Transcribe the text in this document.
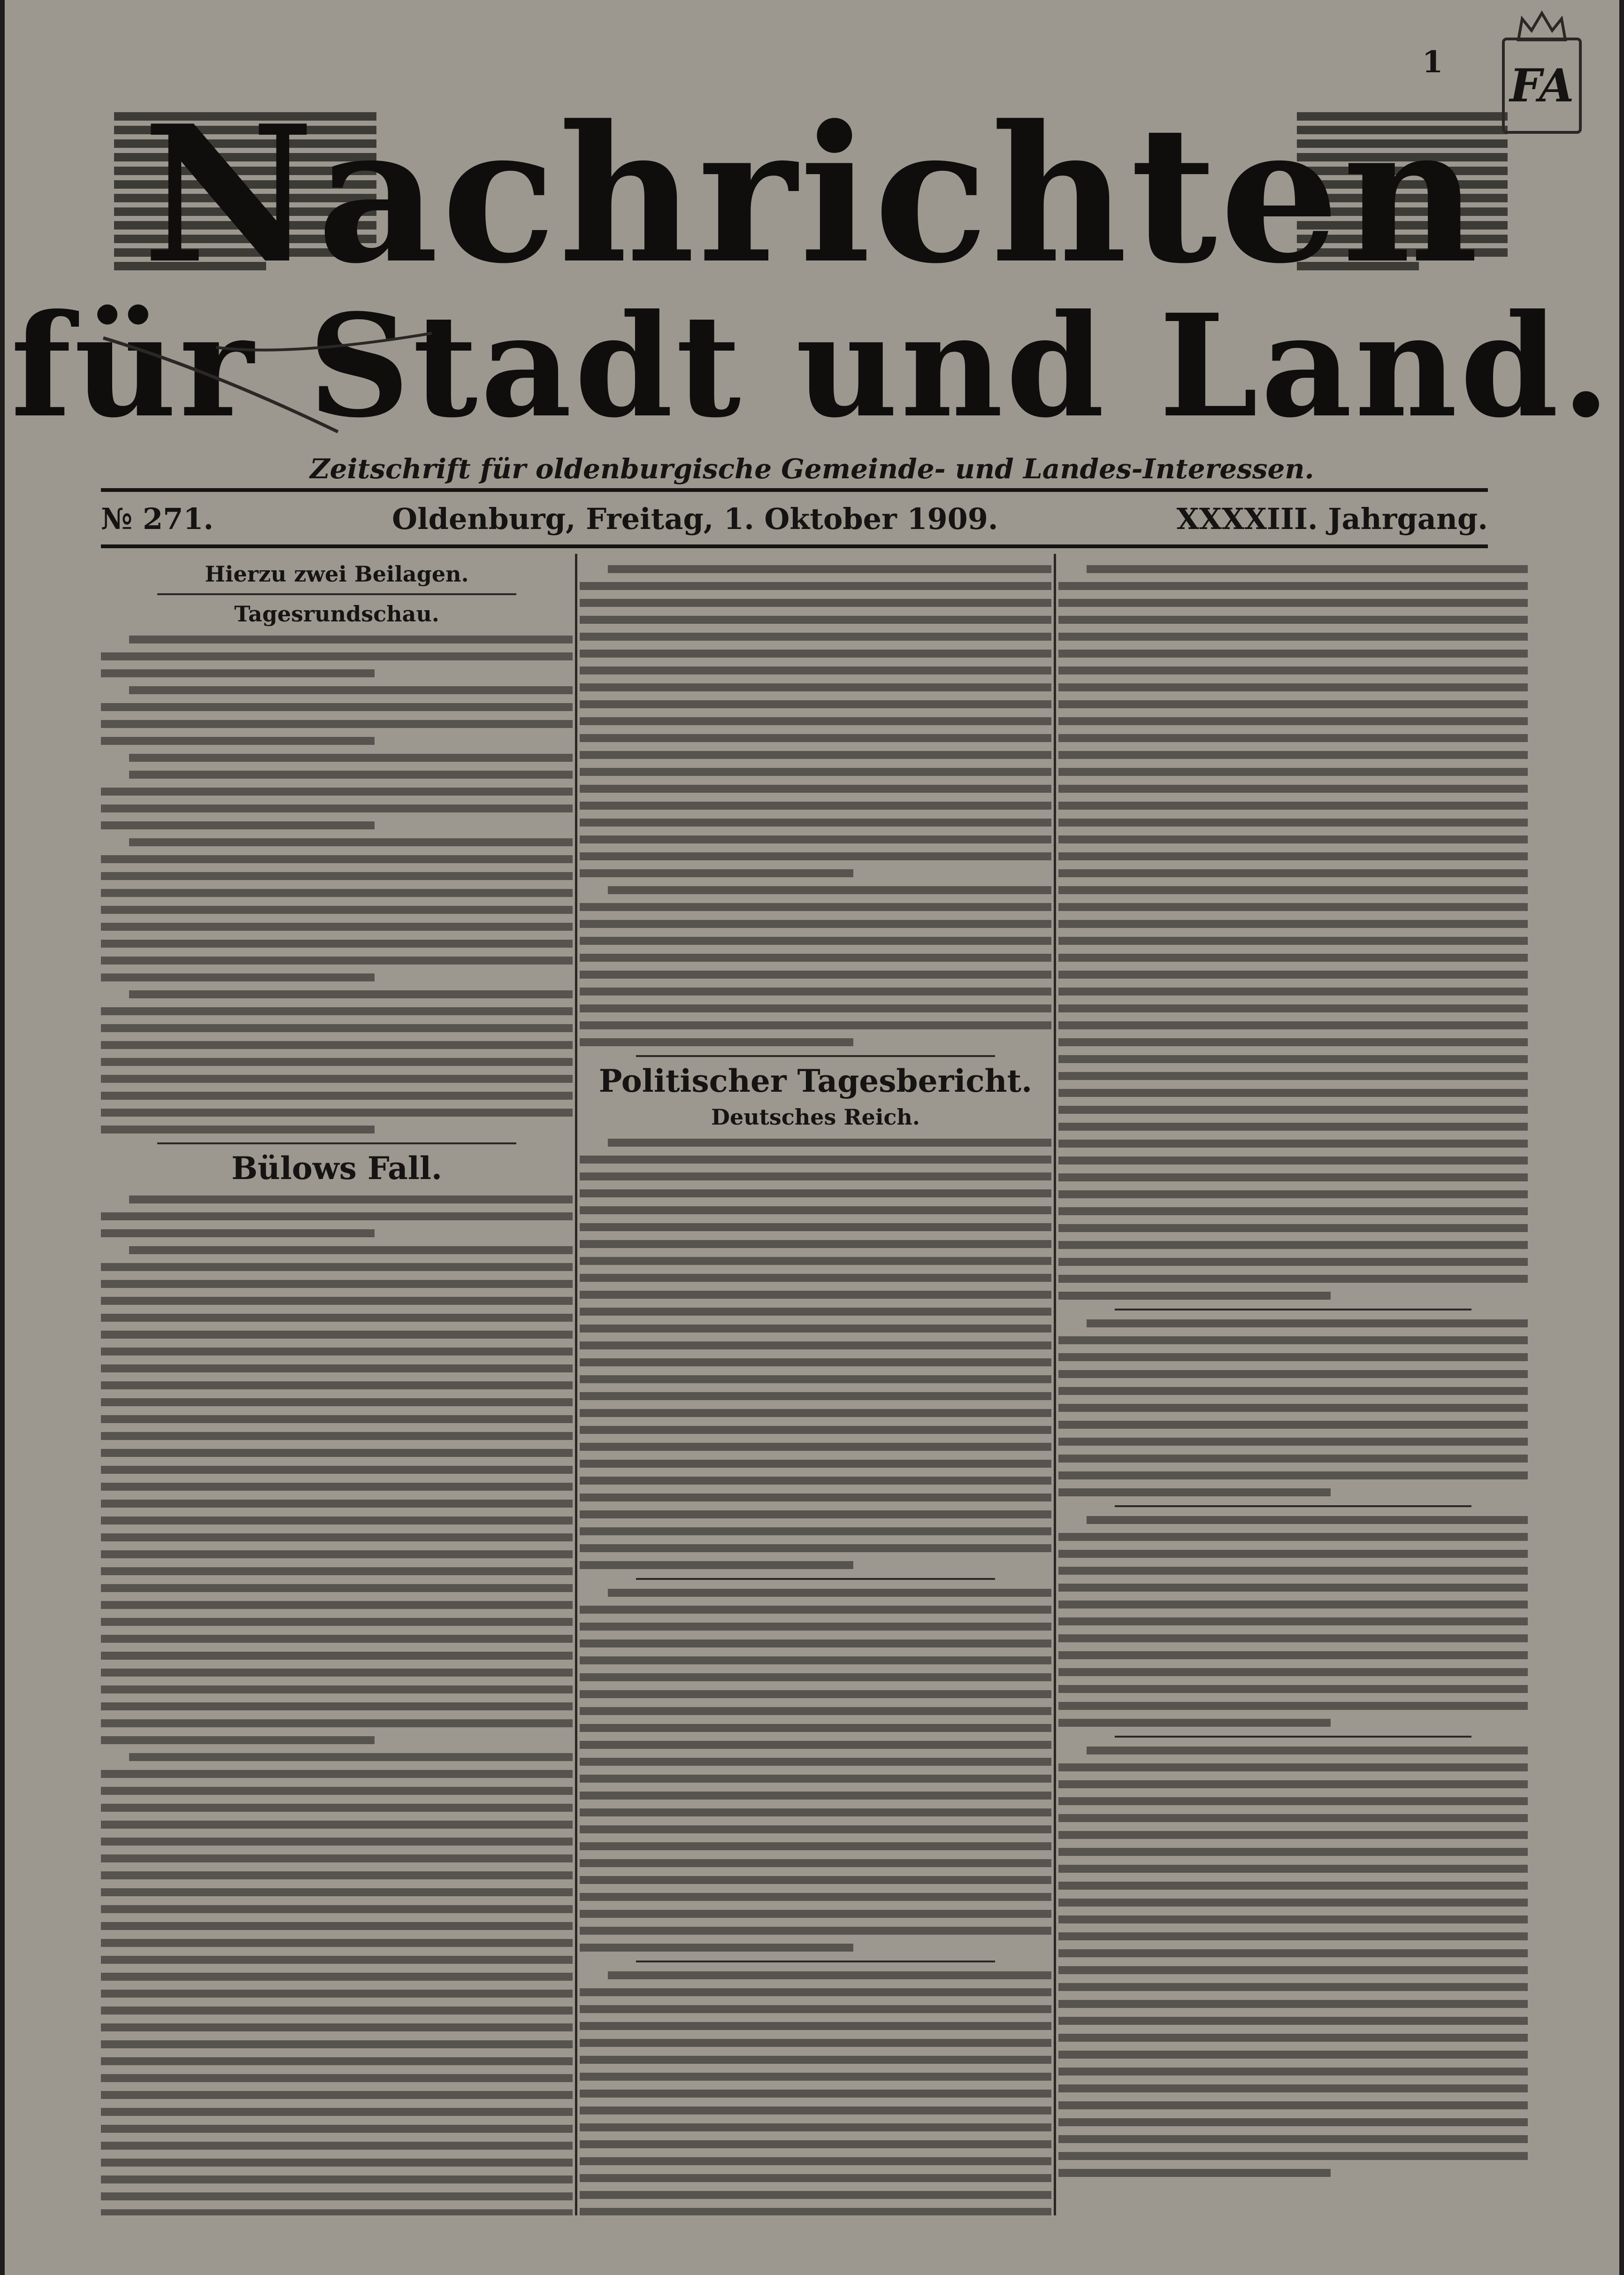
1 FA
Nachrichten
für Stadt und Land.
Zeitschrift für oldenburgische Gemeinde- und Landes-Interessen.
№ 271.	Oldenburg, Freitag, 1. Oktober 1909.	XXXXIII. Jahrgang.
Hierzu zwei Beilagen.
Tagesrundschau.
Bülows Fall.
Politischer Tagesbericht.
Deutsches Reich.
